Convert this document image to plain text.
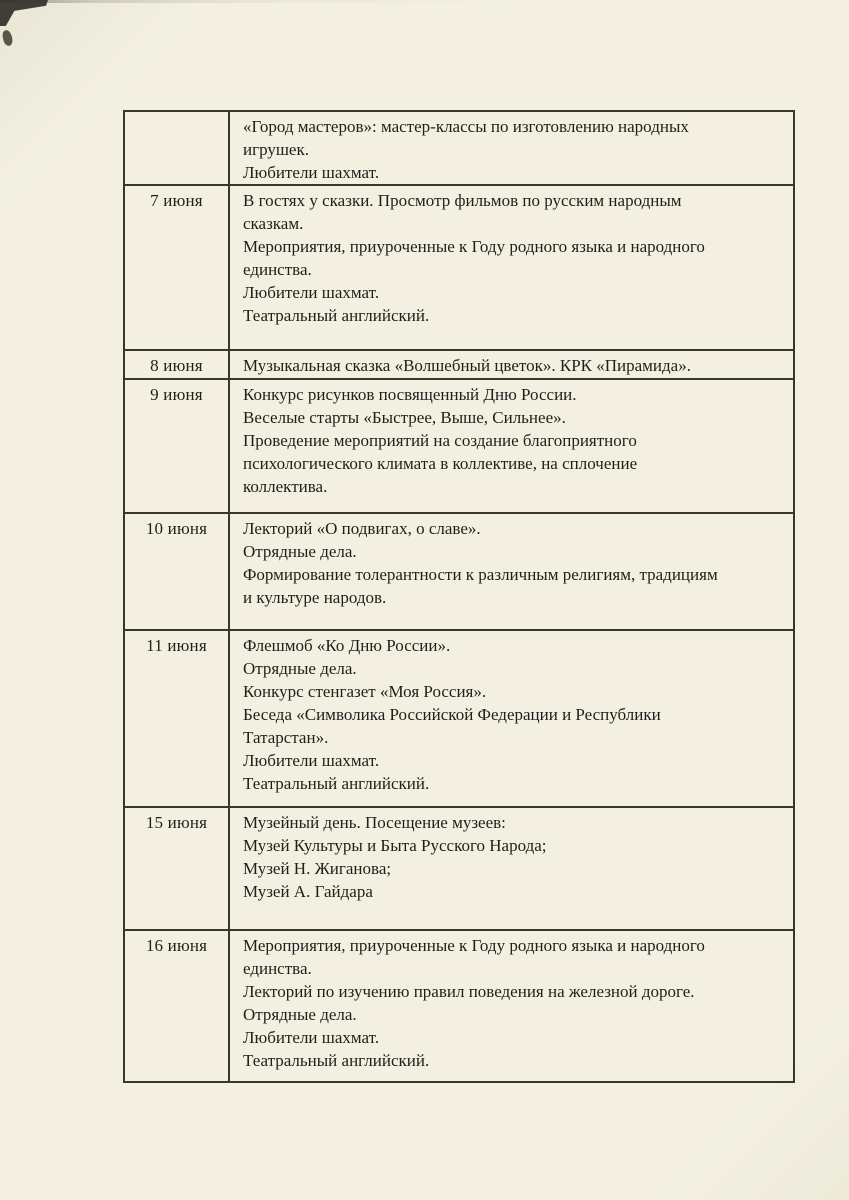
	«Город мастеров»: мастер-классы по изготовлению народных
игрушек.
Любители шахмат.

7 июня	В гостях у сказки. Просмотр фильмов по русским народным
сказкам.
Мероприятия, приуроченные к Году родного языка и народного
единства.
Любители шахмат.
Театральный английский.

8 июня	Музыкальная сказка «Волшебный цветок». КРК «Пирамида».

9 июня	Конкурс рисунков посвященный Дню России.
Веселые старты «Быстрее, Выше, Сильнее».
Проведение мероприятий на создание благоприятного
психологического климата в коллективе, на сплочение
коллектива.

10 июня	Лекторий «О подвигах, о славе».
Отрядные дела.
Формирование толерантности к различным религиям, традициям
и культуре народов.

11 июня	Флешмоб «Ко Дню России».
Отрядные дела.
Конкурс стенгазет «Моя Россия».
Беседа «Символика Российской Федерации и Республики
Татарстан».
Любители шахмат.
Театральный английский.

15 июня	Музейный день. Посещение музеев:
Музей Культуры и Быта Русского Народа;
Музей Н. Жиганова;
Музей А. Гайдара

16 июня	Мероприятия, приуроченные к Году родного языка и народного
единства.
Лекторий по изучению правил поведения на железной дороге.
Отрядные дела.
Любители шахмат.
Театральный английский.
